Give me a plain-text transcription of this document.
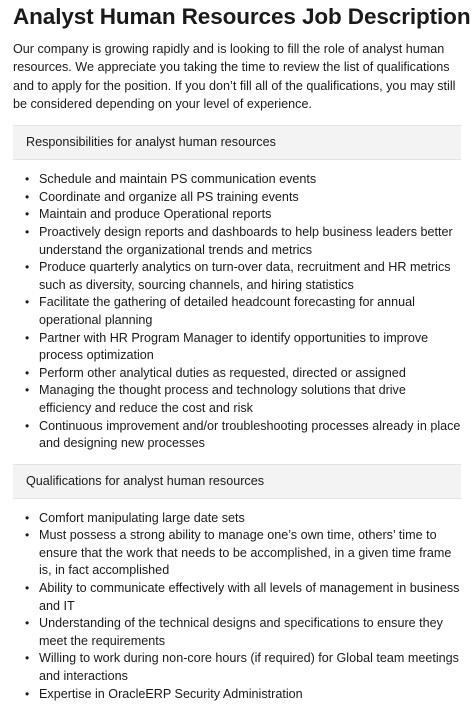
Analyst Human Resources Job Description

Our company is growing rapidly and is looking to fill the role of analyst human resources. We appreciate you taking the time to review the list of qualifications and to apply for the position. If you don’t fill all of the qualifications, you may still be considered depending on your level of experience.

Responsibilities for analyst human resources
• Schedule and maintain PS communication events
• Coordinate and organize all PS training events
• Maintain and produce Operational reports
• Proactively design reports and dashboards to help business leaders better understand the organizational trends and metrics
• Produce quarterly analytics on turn-over data, recruitment and HR metrics such as diversity, sourcing channels, and hiring statistics
• Facilitate the gathering of detailed headcount forecasting for annual operational planning
• Partner with HR Program Manager to identify opportunities to improve process optimization
• Perform other analytical duties as requested, directed or assigned
• Managing the thought process and technology solutions that drive efficiency and reduce the cost and risk
• Continuous improvement and/or troubleshooting processes already in place and designing new processes
Qualifications for analyst human resources
• Comfort manipulating large date sets
• Must possess a strong ability to manage one’s own time, others’ time to ensure that the work that needs to be accomplished, in a given time frame is, in fact accomplished
• Ability to communicate effectively with all levels of management in business and IT
• Understanding of the technical designs and specifications to ensure they meet the requirements
• Willing to work during non-core hours (if required) for Global team meetings and interactions
• Expertise in OracleERP Security Administration
